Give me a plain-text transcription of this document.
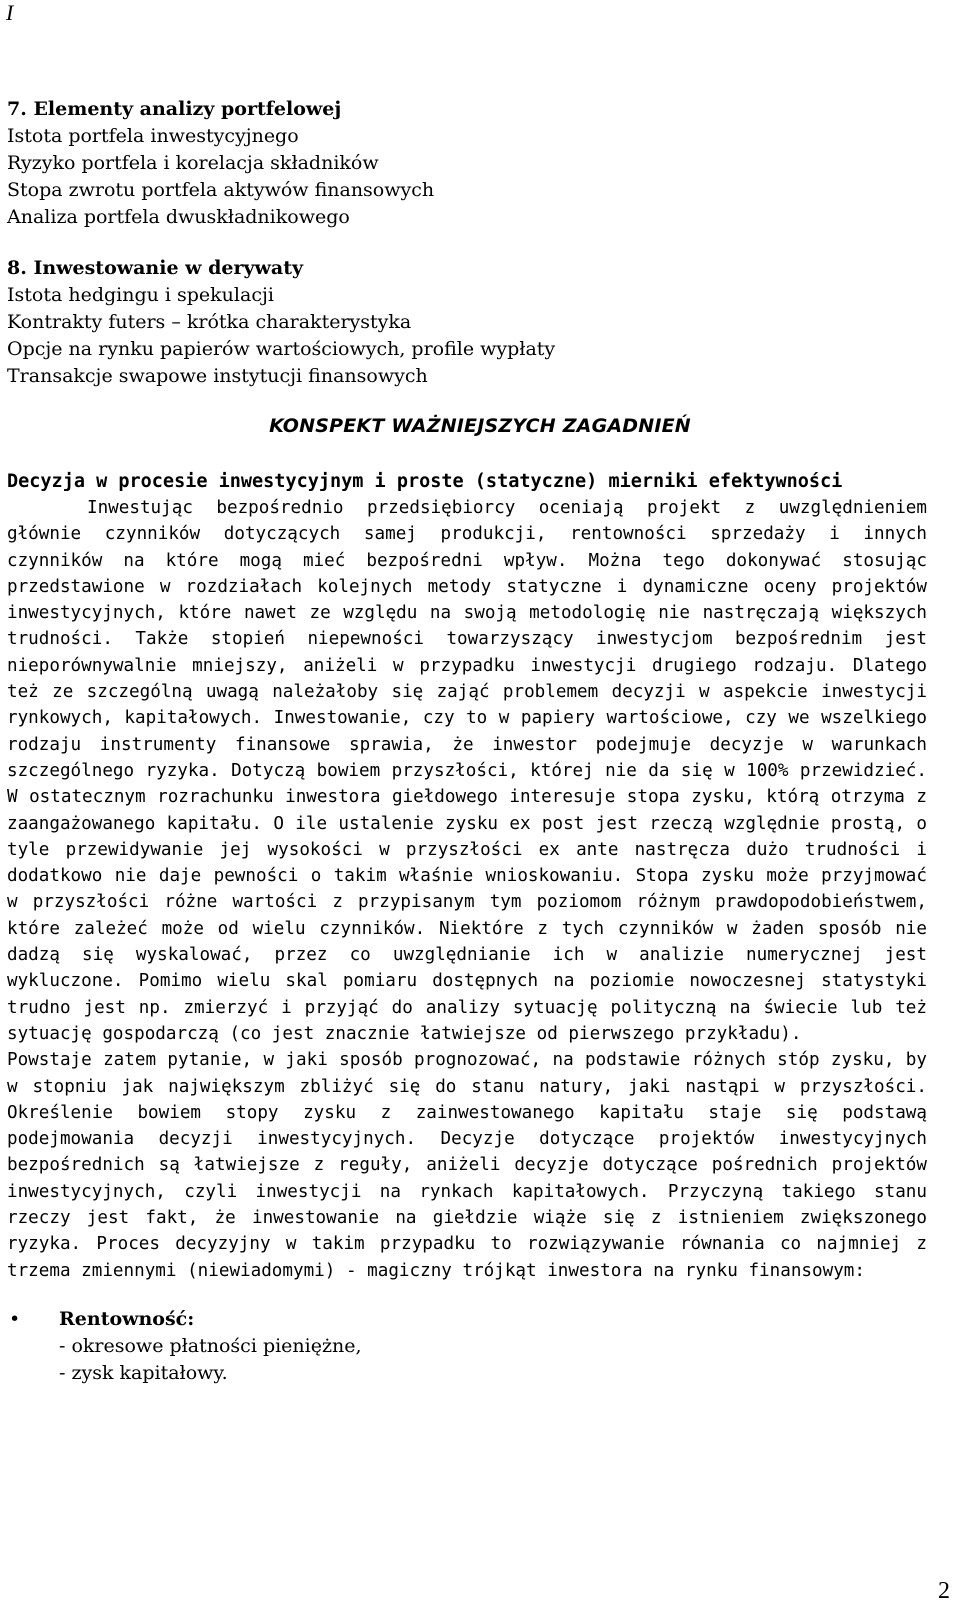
I
7. Elementy analizy portfelowej
Istota portfela inwestycyjnego
Ryzyko portfela i korelacja składników
Stopa zwrotu portfela aktywów finansowych
Analiza portfela dwuskładnikowego
8. Inwestowanie w derywaty
Istota hedgingu i spekulacji
Kontrakty futers – krótka charakterystyka
Opcje na rynku papierów wartościowych, profile wypłaty
Transakcje swapowe instytucji finansowych
KONSPEKT WAŻNIEJSZYCH ZAGADNIEŃ

Decyzja w procesie inwestycyjnym i proste (statyczne) mierniki efektywności

Inwestując bezpośrednio przedsiębiorcy oceniają projekt z uwzględnieniem głównie czynników dotyczących samej produkcji, rentowności sprzedaży i innych czynników na które mogą mieć bezpośredni wpływ. Można tego dokonywać stosując przedstawione w rozdziałach kolejnych metody statyczne i dynamiczne oceny projektów inwestycyjnych, które nawet ze względu na swoją metodologię nie nastręczają większych trudności. Także stopień niepewności towarzyszący inwestycjom bezpośrednim jest nieporównywalnie mniejszy, aniżeli w przypadku inwestycji drugiego rodzaju. Dlatego też ze szczególną uwagą należałoby się zająć problemem decyzji w aspekcie inwestycji rynkowych, kapitałowych. Inwestowanie, czy to w papiery wartościowe, czy we wszelkiego rodzaju instrumenty finansowe sprawia, że inwestor podejmuje decyzje w warunkach szczególnego ryzyka. Dotyczą bowiem przyszłości, której nie da się w 100% przewidzieć. W ostatecznym rozrachunku inwestora giełdowego interesuje stopa zysku, którą otrzyma z zaangażowanego kapitału. O ile ustalenie zysku ex post jest rzeczą względnie prostą, o tyle przewidywanie jej wysokości w przyszłości ex ante nastręcza dużo trudności i dodatkowo nie daje pewności o takim właśnie wnioskowaniu. Stopa zysku może przyjmować w przyszłości różne wartości z przypisanym tym poziomom różnym prawdopodobieństwem, które zależeć może od wielu czynników. Niektóre z tych czynników w żaden sposób nie dadzą się wyskalować, przez co uwzględnianie ich w analizie numerycznej jest wykluczone. Pomimo wielu skal pomiaru dostępnych na poziomie nowoczesnej statystyki trudno jest np. zmierzyć i przyjąć do analizy sytuację polityczną na świecie lub też sytuację gospodarczą (co jest znacznie łatwiejsze od pierwszego przykładu).

Powstaje zatem pytanie, w jaki sposób prognozować, na podstawie różnych stóp zysku, by w stopniu jak największym zbliżyć się do stanu natury, jaki nastąpi w przyszłości. Określenie bowiem stopy zysku z zainwestowanego kapitału staje się podstawą podejmowania decyzji inwestycyjnych. Decyzje dotyczące projektów inwestycyjnych bezpośrednich są łatwiejsze z reguły, aniżeli decyzje dotyczące pośrednich projektów inwestycyjnych, czyli inwestycji na rynkach kapitałowych. Przyczyną takiego stanu rzeczy jest fakt, że inwestowanie na giełdzie wiąże się z istnieniem zwiększonego ryzyka. Proces decyzyjny w takim przypadku to rozwiązywanie równania co najmniej z trzema zmiennymi (niewiadomymi) - magiczny trójkąt inwestora na rynku finansowym:

• Rentowność:
- okresowe płatności pieniężne,
- zysk kapitałowy.
2
